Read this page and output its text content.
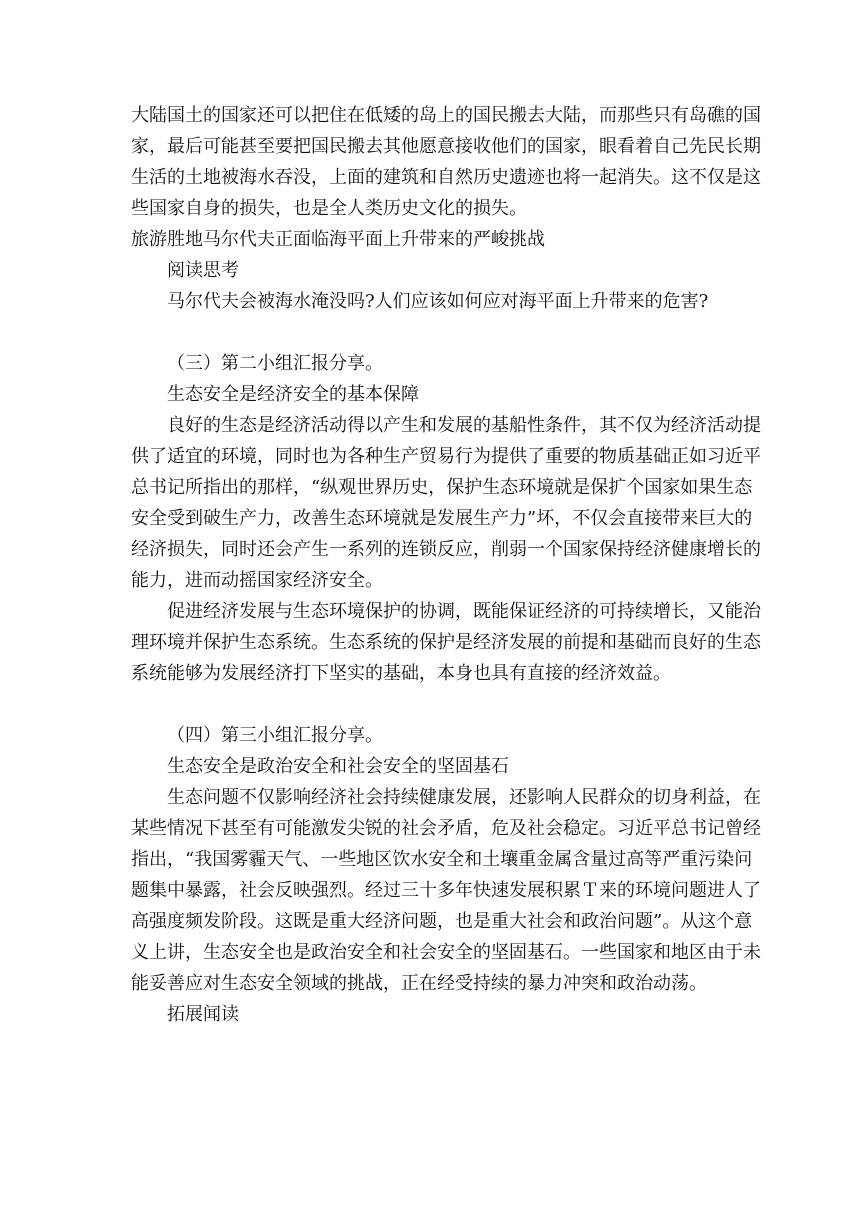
大陆国土的国家还可以把住在低矮的岛上的国民搬去大陆，而那些只有岛礁的国
家，最后可能甚至要把国民搬去其他愿意接收他们的国家，眼看着自己先民长期
生活的土地被海水吞没，上面的建筑和自然历史遗迹也将一起消失。这不仅是这
些国家自身的损失，也是全人类历史文化的损失。
旅游胜地马尔代夫正面临海平面上升带来的严峻挑战
阅读思考
马尔代夫会被海水淹没吗?人们应该如何应对海平面上升带来的危害?
（三）第二小组汇报分享。
生态安全是经济安全的基本保障
良好的生态是经济活动得以产生和发展的基船性条件，其不仅为经济活动提
供了适宜的环境，同时也为各种生产贸易行为提供了重要的物质基础正如习近平
总书记所指出的那样，“纵观世界历史，保护生态环境就是保扩个国家如果生态
安全受到破生产力，改善生态环境就是发展生产力”坏，不仅会直接带来巨大的
经济损失，同时还会产生一系列的连锁反应，削弱一个国家保持经济健康增长的
能力，进而动摇国家经济安全。
促进经济发展与生态环境保护的协调，既能保证经济的可持续增长，又能治
理环境并保护生态系统。生态系统的保护是经济发展的前提和基础而良好的生态
系统能够为发展经济打下坚实的基础，本身也具有直接的经济效益。
（四）第三小组汇报分享。
生态安全是政治安全和社会安全的坚固基石
生态问题不仅影响经济社会持续健康发展，还影响人民群众的切身利益，在
某些情况下甚至有可能激发尖锐的社会矛盾，危及社会稳定。习近平总书记曾经
指出，“我国雾霾天气、一些地区饮水安全和土壤重金属含量过高等严重污染问
题集中暴露，社会反映强烈。经过三十多年快速发展积累Ｔ来的环境问题进人了
高强度频发阶段。这既是重大经济问题，也是重大社会和政治问题”。从这个意
义上讲，生态安全也是政治安全和社会安全的坚固基石。一些国家和地区由于未
能妥善应对生态安全领域的挑战，正在经受持续的暴力冲突和政治动荡。
拓展闻读
